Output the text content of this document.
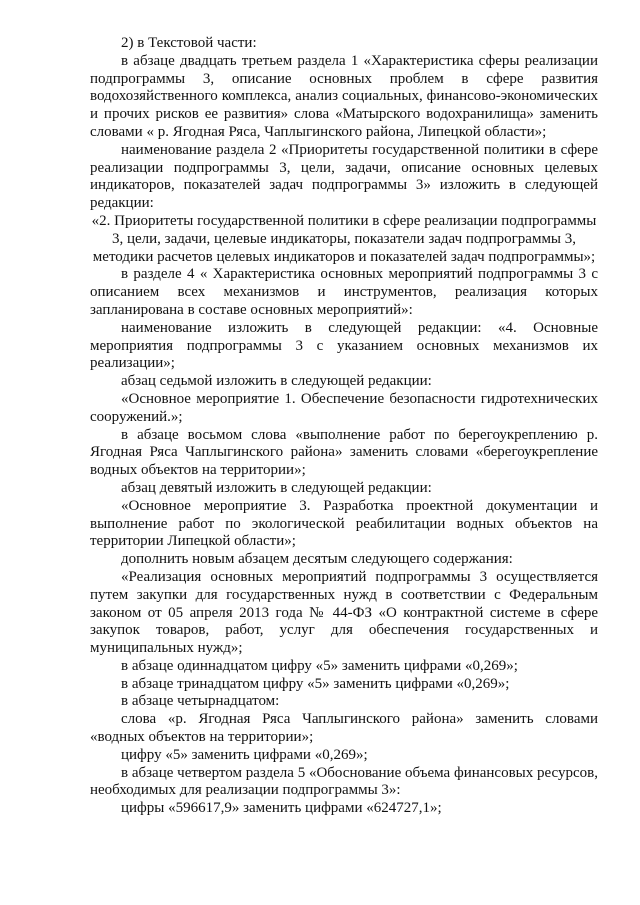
2) в Текстовой части:

в абзаце двадцать третьем раздела 1 «Характеристика сферы реализации подпрограммы 3, описание основных проблем в сфере развития водохозяйственного комплекса, анализ социальных, финансово-экономических и прочих рисков ее развития» слова «Матырского водохранилища» заменить словами « р. Ягодная Ряса, Чаплыгинского района, Липецкой области»;

наименование раздела 2 «Приоритеты государственной политики в сфере реализации подпрограммы 3, цели, задачи, описание основных целевых индикаторов, показателей задач подпрограммы 3» изложить в следующей редакции:

«2. Приоритеты государственной политики в сфере реализации подпрограммы 3, цели, задачи, целевые индикаторы, показатели задач подпрограммы 3, методики расчетов целевых индикаторов и показателей задач подпрограммы»;

в разделе 4 « Характеристика основных мероприятий подпрограммы 3 с описанием всех механизмов и инструментов, реализация которых запланирована в составе основных мероприятий»:

наименование изложить в следующей редакции: «4. Основные мероприятия подпрограммы 3 с указанием основных механизмов их реализации»;

абзац седьмой изложить в следующей редакции:

«Основное мероприятие 1. Обеспечение безопасности гидротехнических сооружений.»;

в абзаце восьмом слова «выполнение работ по берегоукреплению р. Ягодная Ряса Чаплыгинского района» заменить словами «берегоукрепление водных объектов на территории»;

абзац девятый изложить в следующей редакции:

«Основное мероприятие 3. Разработка проектной документации и выполнение работ по экологической реабилитации водных объектов на территории Липецкой области»;

дополнить новым абзацем десятым следующего содержания:

«Реализация основных мероприятий подпрограммы 3 осуществляется путем закупки для государственных нужд в соответствии с Федеральным законом от 05 апреля 2013 года № 44-ФЗ «О контрактной системе в сфере закупок товаров, работ, услуг для обеспечения государственных и муниципальных нужд»;

в абзаце одиннадцатом цифру «5» заменить цифрами «0,269»;

в абзаце тринадцатом цифру «5» заменить цифрами «0,269»;

в абзаце четырнадцатом:

слова «р. Ягодная Ряса Чаплыгинского района» заменить словами «водных объектов на территории»;

цифру «5» заменить цифрами «0,269»;

в абзаце четвертом раздела 5 «Обоснование объема финансовых ресурсов, необходимых для реализации подпрограммы 3»:

цифры «596617,9» заменить цифрами «624727,1»;
